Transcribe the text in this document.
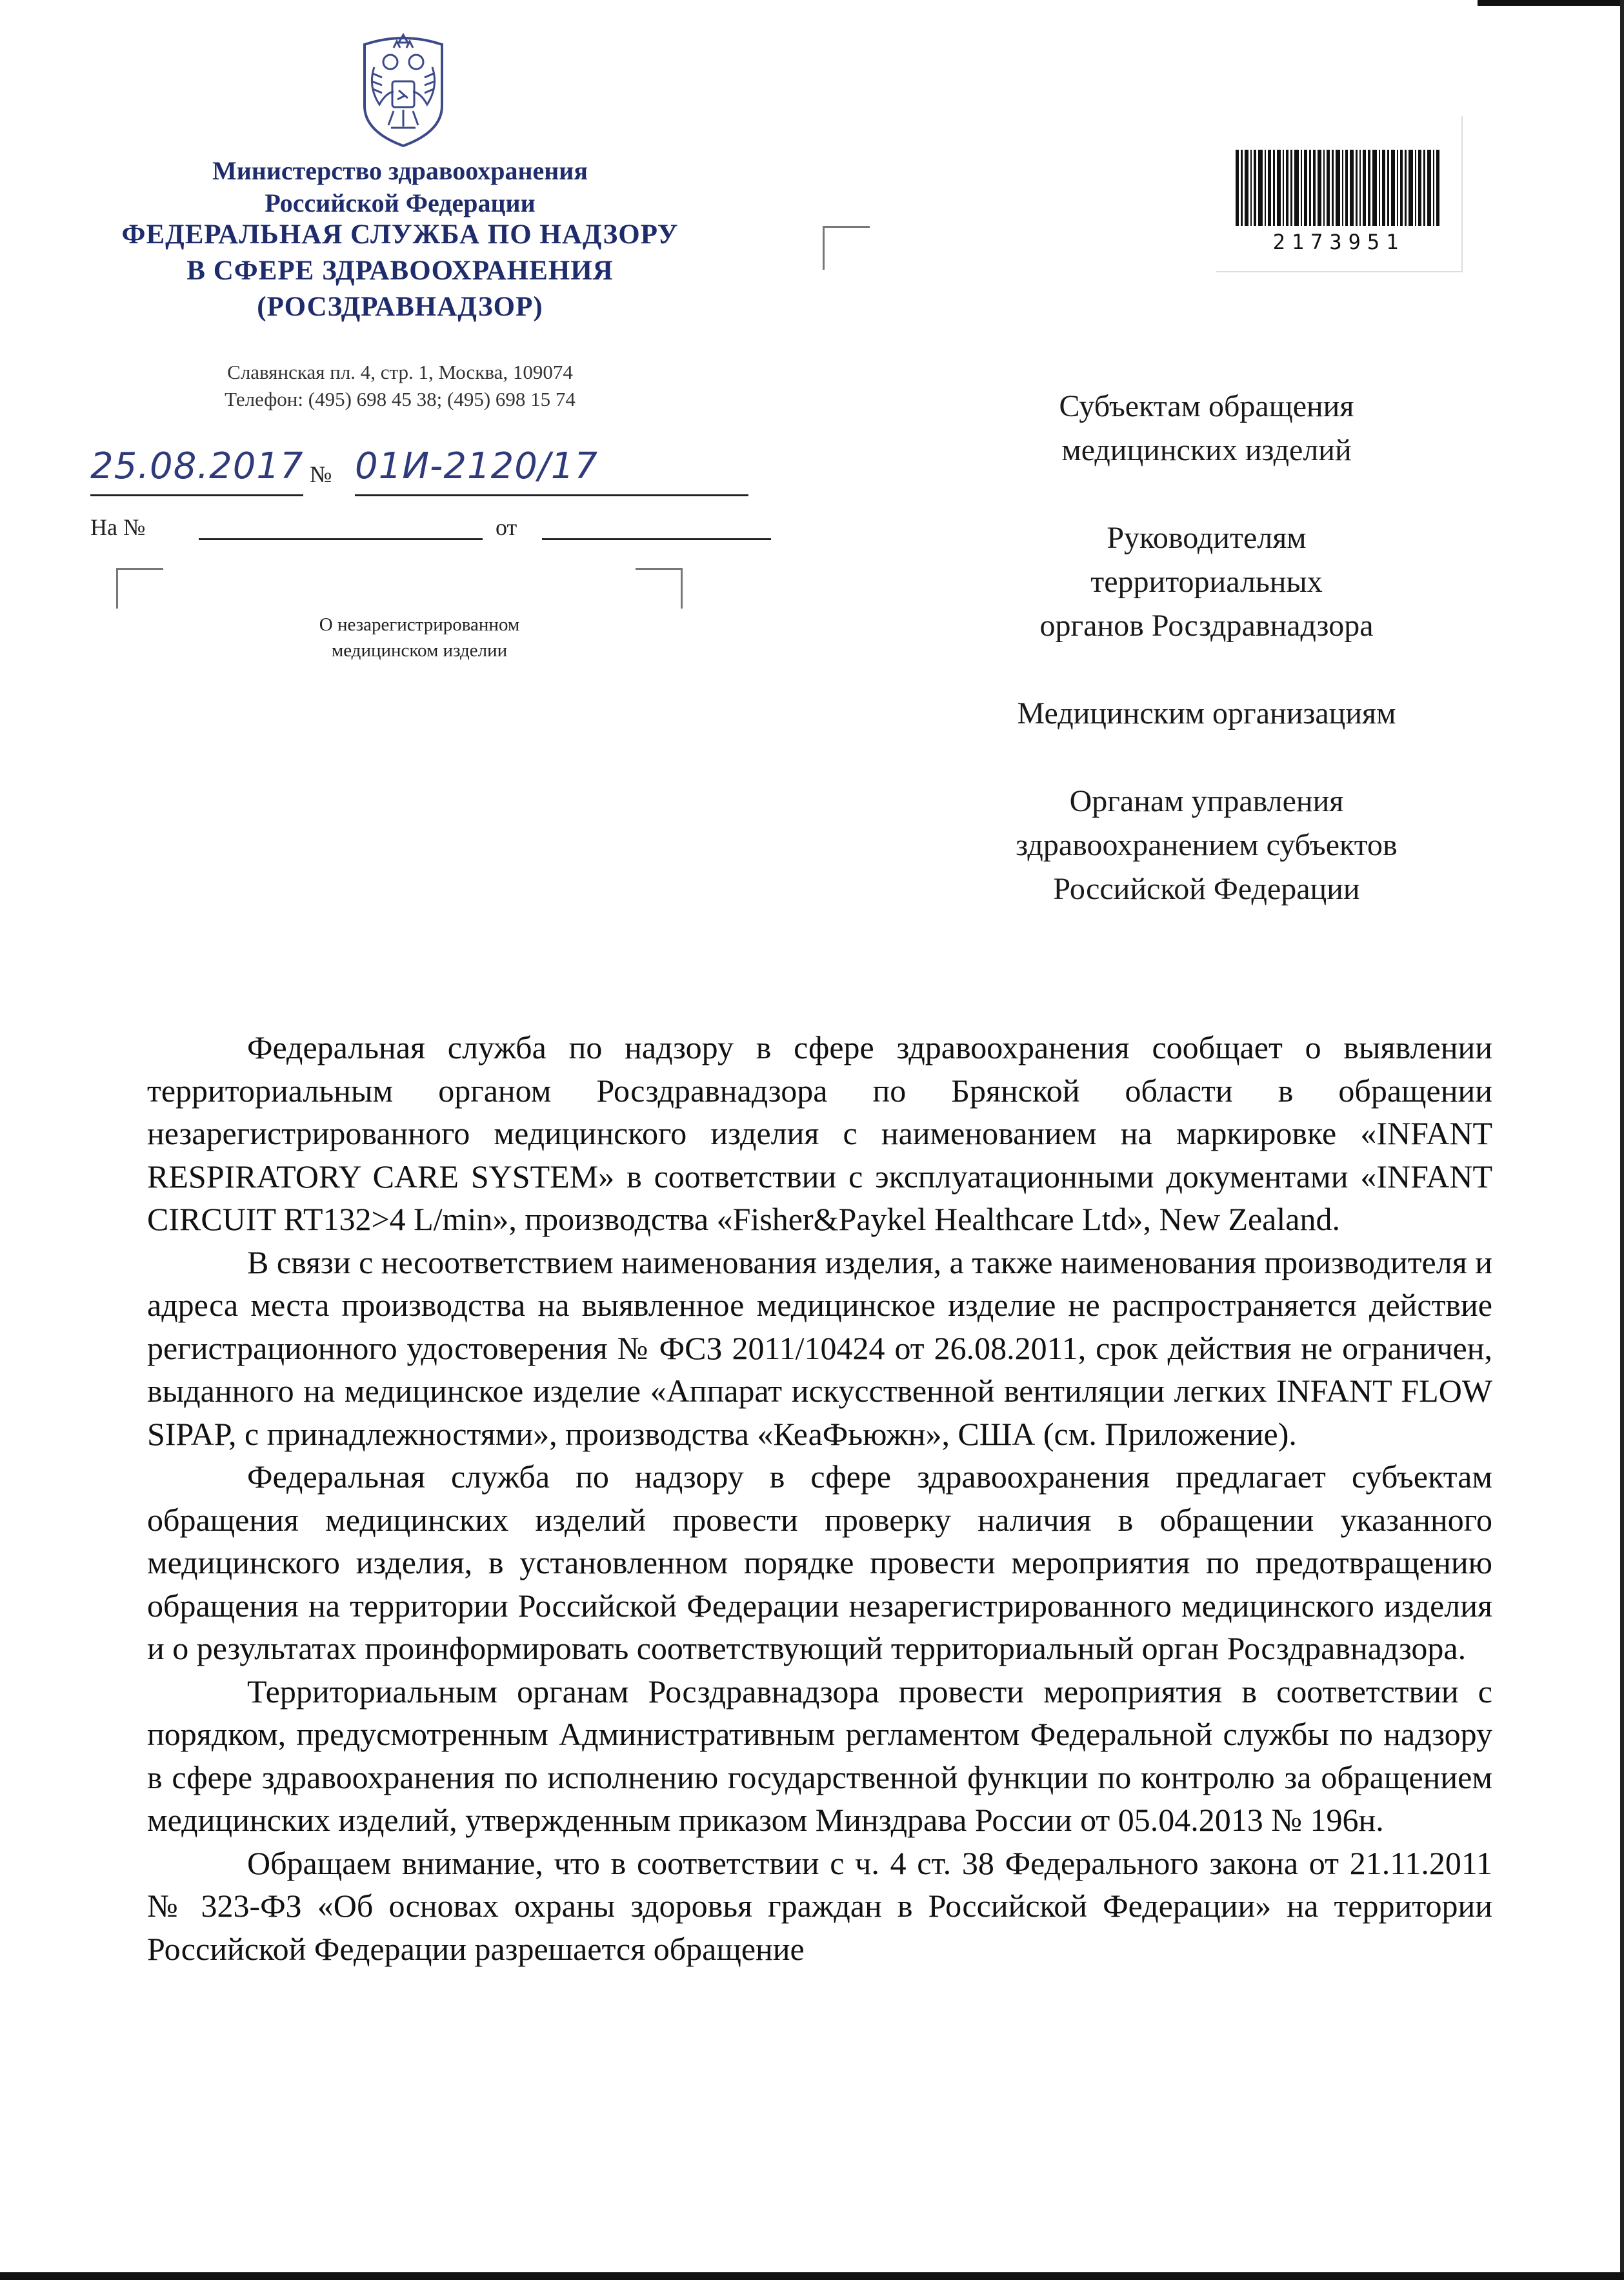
Министерство здравоохранения
Российской Федерации
ФЕДЕРАЛЬНАЯ СЛУЖБА ПО НАДЗОРУ
В СФЕРЕ ЗДРАВООХРАНЕНИЯ
(РОСЗДРАВНАДЗОР)
Славянская пл. 4, стр. 1, Москва, 109074
Телефон: (495) 698 45 38; (495) 698 15 74
25.08.2017 № 01И-2120/17
На №	от
О незарегистрированном
медицинском изделии
2173951
Субъектам обращения
медицинских изделий
Руководителям
территориальных
органов Росздравнадзора
Медицинским организациям
Органам управления
здравоохранением субъектов
Российской Федерации

Федеральная служба по надзору в сфере здравоохранения сообщает о выявлении территориальным органом Росздравнадзора по Брянской области в обращении незарегистрированного медицинского изделия с наименованием на маркировке «INFANT RESPIRATORY CARE SYSTEM» в соответствии с эксплуатационными документами «INFANT CIRCUIT RT132>4 L/min», производства «Fisher&Paykel Healthcare Ltd», New Zealand.

В связи с несоответствием наименования изделия, а также наименования производителя и адреса места производства на выявленное медицинское изделие не распространяется действие регистрационного удостоверения № ФСЗ 2011/10424 от 26.08.2011, срок действия не ограничен, выданного на медицинское изделие «Аппарат искусственной вентиляции легких INFANT FLOW SIPAP, с принадлежностями», производства «КеаФьюжн», США (см. Приложение).

Федеральная служба по надзору в сфере здравоохранения предлагает субъектам обращения медицинских изделий провести проверку наличия в обращении указанного медицинского изделия, в установленном порядке провести мероприятия по предотвращению обращения на территории Российской Федерации незарегистрированного медицинского изделия и о результатах проинформировать соответствующий территориальный орган Росздравнадзора.

Территориальным органам Росздравнадзора провести мероприятия в соответствии с порядком, предусмотренным Административным регламентом Федеральной службы по надзору в сфере здравоохранения по исполнению государственной функции по контролю за обращением медицинских изделий, утвержденным приказом Минздрава России от 05.04.2013 № 196н.

Обращаем внимание, что в соответствии с ч. 4 ст. 38 Федерального закона от 21.11.2011 № 323-ФЗ «Об основах охраны здоровья граждан в Российской Федерации» на территории Российской Федерации разрешается обращение
